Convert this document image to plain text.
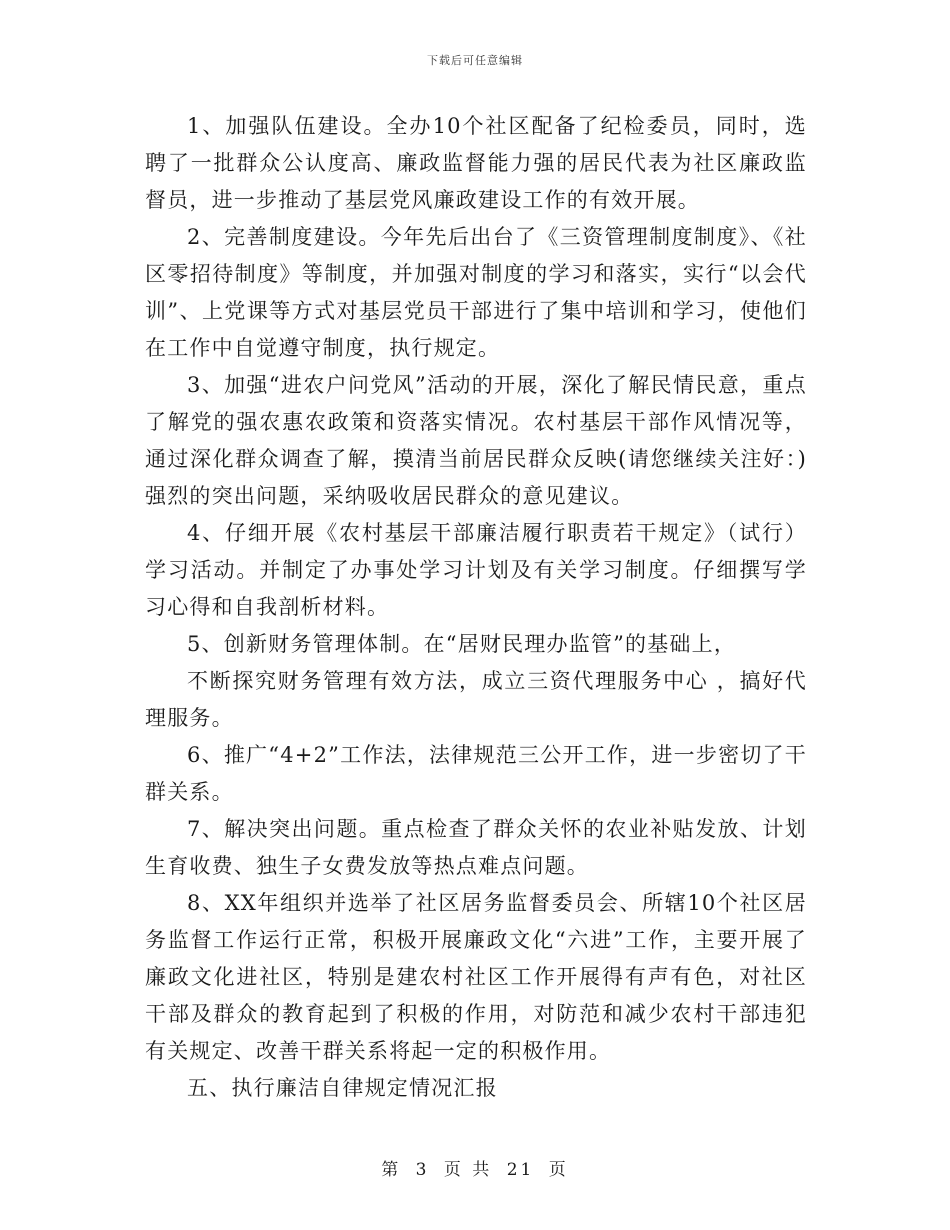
下载后可任意编辑

1、加强队伍建设。全办10个社区配备了纪检委员，同时，选聘了一批群众公认度高、廉政监督能力强的居民代表为社区廉政监督员，进一步推动了基层党风廉政建设工作的有效开展。

2、完善制度建设。今年先后出台了《三资管理制度制度》、《社区零招待制度》等制度，并加强对制度的学习和落实，实行“以会代训”、上党课等方式对基层党员干部进行了集中培训和学习，使他们在工作中自觉遵守制度，执行规定。

3、加强“进农户问党风”活动的开展，深化了解民情民意，重点了解党的强农惠农政策和资落实情况。农村基层干部作风情况等，通过深化群众调查了解，摸清当前居民群众反映(请您继续关注好：)强烈的突出问题，采纳吸收居民群众的意见建议。

4、仔细开展《农村基层干部廉洁履行职责若干规定》（试行）学习活动。并制定了办事处学习计划及有关学习制度。仔细撰写学习心得和自我剖析材料。

5、创新财务管理体制。在“居财民理办监管”的基础上，

不断探究财务管理有效方法，成立三资代理服务中心 ，搞好代理服务。

6、推广“4+2”工作法，法律规范三公开工作，进一步密切了干群关系。

7、解决突出问题。重点检查了群众关怀的农业补贴发放、计划生育收费、独生子女费发放等热点难点问题。

8、XX年组织并选举了社区居务监督委员会、所辖10个社区居务监督工作运行正常，积极开展廉政文化“六进”工作，主要开展了廉政文化进社区，特别是建农村社区工作开展得有声有色，对社区干部及群众的教育起到了积极的作用，对防范和减少农村干部违犯有关规定、改善干群关系将起一定的积极作用。

五、执行廉洁自律规定情况汇报

第 3 页 共 21 页
